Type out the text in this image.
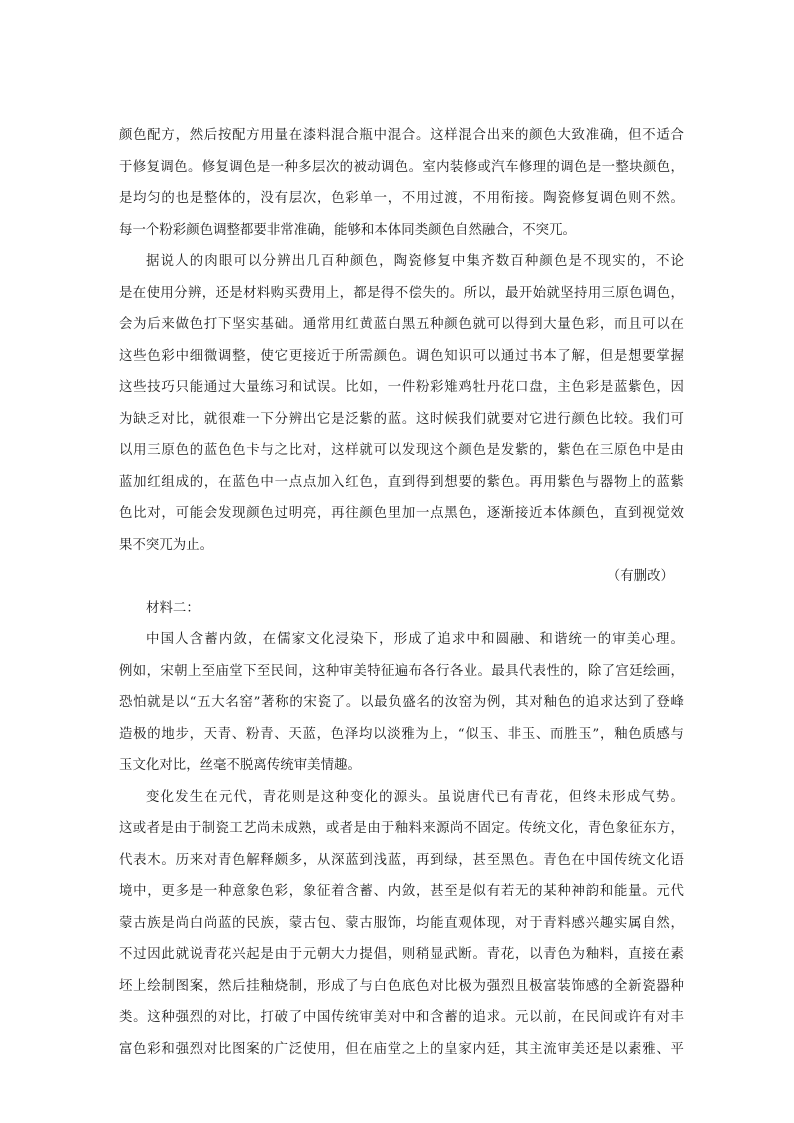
颜色配方，然后按配方用量在漆料混合瓶中混合。这样混合出来的颜色大致准确，但不适合
于修复调色。修复调色是一种多层次的被动调色。室内装修或汽车修理的调色是一整块颜色，
是均匀的也是整体的，没有层次，色彩单一，不用过渡，不用衔接。陶瓷修复调色则不然。
每一个粉彩颜色调整都要非常准确，能够和本体同类颜色自然融合，不突兀。
据说人的肉眼可以分辨出几百种颜色，陶瓷修复中集齐数百种颜色是不现实的，不论
是在使用分辨，还是材料购买费用上，都是得不偿失的。所以，最开始就坚持用三原色调色，
会为后来做色打下坚实基础。通常用红黄蓝白黑五种颜色就可以得到大量色彩，而且可以在
这些色彩中细微调整，使它更接近于所需颜色。调色知识可以通过书本了解，但是想要掌握
这些技巧只能通过大量练习和试误。比如，一件粉彩雉鸡牡丹花口盘，主色彩是蓝紫色，因
为缺乏对比，就很难一下分辨出它是泛紫的蓝。这时候我们就要对它进行颜色比较。我们可
以用三原色的蓝色色卡与之比对，这样就可以发现这个颜色是发紫的，紫色在三原色中是由
蓝加红组成的，在蓝色中一点点加入红色，直到得到想要的紫色。再用紫色与器物上的蓝紫
色比对，可能会发现颜色过明亮，再往颜色里加一点黑色，逐渐接近本体颜色，直到视觉效
果不突兀为止。
（有删改）
材料二：
中国人含蓄内敛，在儒家文化浸染下，形成了追求中和圆融、和谐统一的审美心理。
例如，宋朝上至庙堂下至民间，这种审美特征遍布各行各业。最具代表性的，除了宫廷绘画，
恐怕就是以“五大名窑”著称的宋瓷了。以最负盛名的汝窑为例，其对釉色的追求达到了登峰
造极的地步，天青、粉青、天蓝，色泽均以淡雅为上，“似玉、非玉、而胜玉”，釉色质感与
玉文化对比，丝毫不脱离传统审美情趣。
变化发生在元代，青花则是这种变化的源头。虽说唐代已有青花，但终未形成气势。
这或者是由于制瓷工艺尚未成熟，或者是由于釉料来源尚不固定。传统文化，青色象征东方，
代表木。历来对青色解释颇多，从深蓝到浅蓝，再到绿，甚至黑色。青色在中国传统文化语
境中，更多是一种意象色彩，象征着含蓄、内敛，甚至是似有若无的某种神韵和能量。元代
蒙古族是尚白尚蓝的民族，蒙古包、蒙古服饰，均能直观体现，对于青料感兴趣实属自然，
不过因此就说青花兴起是由于元朝大力提倡，则稍显武断。青花，以青色为釉料，直接在素
坯上绘制图案，然后挂釉烧制，形成了与白色底色对比极为强烈且极富装饰感的全新瓷器种
类。这种强烈的对比，打破了中国传统审美对中和含蓄的追求。元以前，在民间或许有对丰
富色彩和强烈对比图案的广泛使用，但在庙堂之上的皇家内廷，其主流审美还是以素雅、平
